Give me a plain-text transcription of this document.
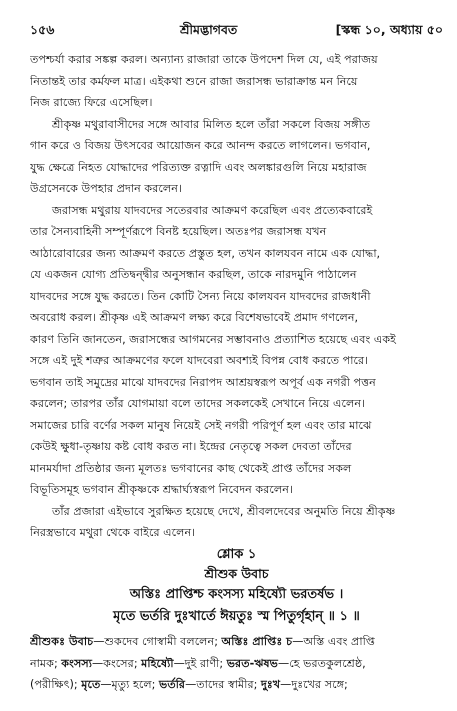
১৫৬	শ্রীমদ্ভাগবত	[স্কন্ধ ১০, অধ্যায় ৫০
তপশ্চর্যা করার সঙ্কল্প করল। অন্যান্য রাজারা তাকে উপদেশ দিল যে, এই পরাজয়
নিতান্তই তার কর্মফল মাত্র। এইকথা শুনে রাজা জরাসন্ধ ভারাক্রান্ত মন নিয়ে
নিজ রাজ্যে ফিরে এসেছিল।
শ্রীকৃষ্ণ মথুরাবাসীদের সঙ্গে আবার মিলিত হলে তাঁরা সকলে বিজয় সঙ্গীত
গান করে ও বিজয় উৎসবের আয়োজন করে আনন্দ করতে লাগলেন। ভগবান,
যুদ্ধ ক্ষেত্রে নিহত যোদ্ধাদের পরিত্যক্ত রত্নাদি এবং অলঙ্কারগুলি নিয়ে মহারাজ
উগ্রসেনকে উপহার প্রদান করলেন।
জরাসন্ধ মথুরায় যাদবদের সতেরবার আক্রমণ করেছিল এবং প্রত্যেকবারেই
তার সৈন্যবাহিনী সম্পূর্ণরূপে বিনষ্ট হয়েছিল। অতঃপর জরাসন্ধ যখন
আঠারোবারের জন্য আক্রমণ করতে প্রস্তুত হল, তখন কালযবন নামে এক যোদ্ধা,
যে একজন যোগ্য প্রতিদ্বন্দ্বীর অনুসন্ধান করছিল, তাকে নারদমুনি পাঠালেন
যাদবদের সঙ্গে যুদ্ধ করতে। তিন কোটি সৈন্য নিয়ে কালযবন যাদবদের রাজধানী
অবরোধ করল। শ্রীকৃষ্ণ এই আক্রমণ লক্ষ্য করে বিশেষভাবেই প্রমাদ গণলেন,
কারণ তিনি জানতেন, জরাসন্ধের আগমনের সম্ভাবনাও প্রত্যাশিত হয়েছে এবং একই
সঙ্গে এই দুই শত্রুর আক্রমণের ফলে যাদবেরা অবশ্যই বিপন্ন বোধ করতে পারে।
ভগবান তাই সমুদ্রের মাঝে যাদবদের নিরাপদ আশ্রয়স্বরূপ অপূর্ব এক নগরী পত্তন
করলেন; তারপর তাঁর যোগমায়া বলে তাদের সকলকেই সেখানে নিয়ে এলেন।
সমাজের চারি বর্ণের সকল মানুষ নিয়েই সেই নগরী পরিপূর্ণ হল এবং তার মাঝে
কেউই ক্ষুধা-তৃষ্ণায় কষ্ট বোধ করত না। ইন্দ্রের নেতৃত্বে সকল দেবতা তাঁদের
মানমর্যাদা প্রতিষ্ঠার জন্য মূলতঃ ভগবানের কাছ থেকেই প্রাপ্ত তাঁদের সকল
বিভূতিসমূহ ভগবান শ্রীকৃষ্ণকে শ্রদ্ধার্ঘ্যস্বরূপ নিবেদন করলেন।
তাঁর প্রজারা এইভাবে সুরক্ষিত হয়েছে দেখে, শ্রীবলদেবের অনুমতি নিয়ে শ্রীকৃষ্ণ
নিরস্ত্রভাবে মথুরা থেকে বাইরে এলেন।
শ্লোক ১
শ্রীশুক উবাচ
অস্তিঃ প্রাপ্তিশ্চ কংসস্য মহিষ্যৌ ভরতর্ষভ ।
মৃতে ভর্তরি দুঃখার্তে ঈয়তুঃ স্ম পিতুর্গৃহান্ ॥ ১ ॥
শ্রীশুকঃ উবাচ—শুকদেব গোস্বামী বললেন; অস্তিঃ প্রাপ্তিঃ চ—অস্তি এবং প্রাপ্তি
নামক; কংসস্য—কংসের; মহিষ্যৌ—দুই রাণী; ভরত-ঋষভ—হে ভরতকুলশ্রেষ্ঠ,
(পরীক্ষিৎ); মৃতে—মৃত্যু হলে; ভর্তরি—তাদের স্বামীর; দুঃখ—দুঃখের সঙ্গে;
